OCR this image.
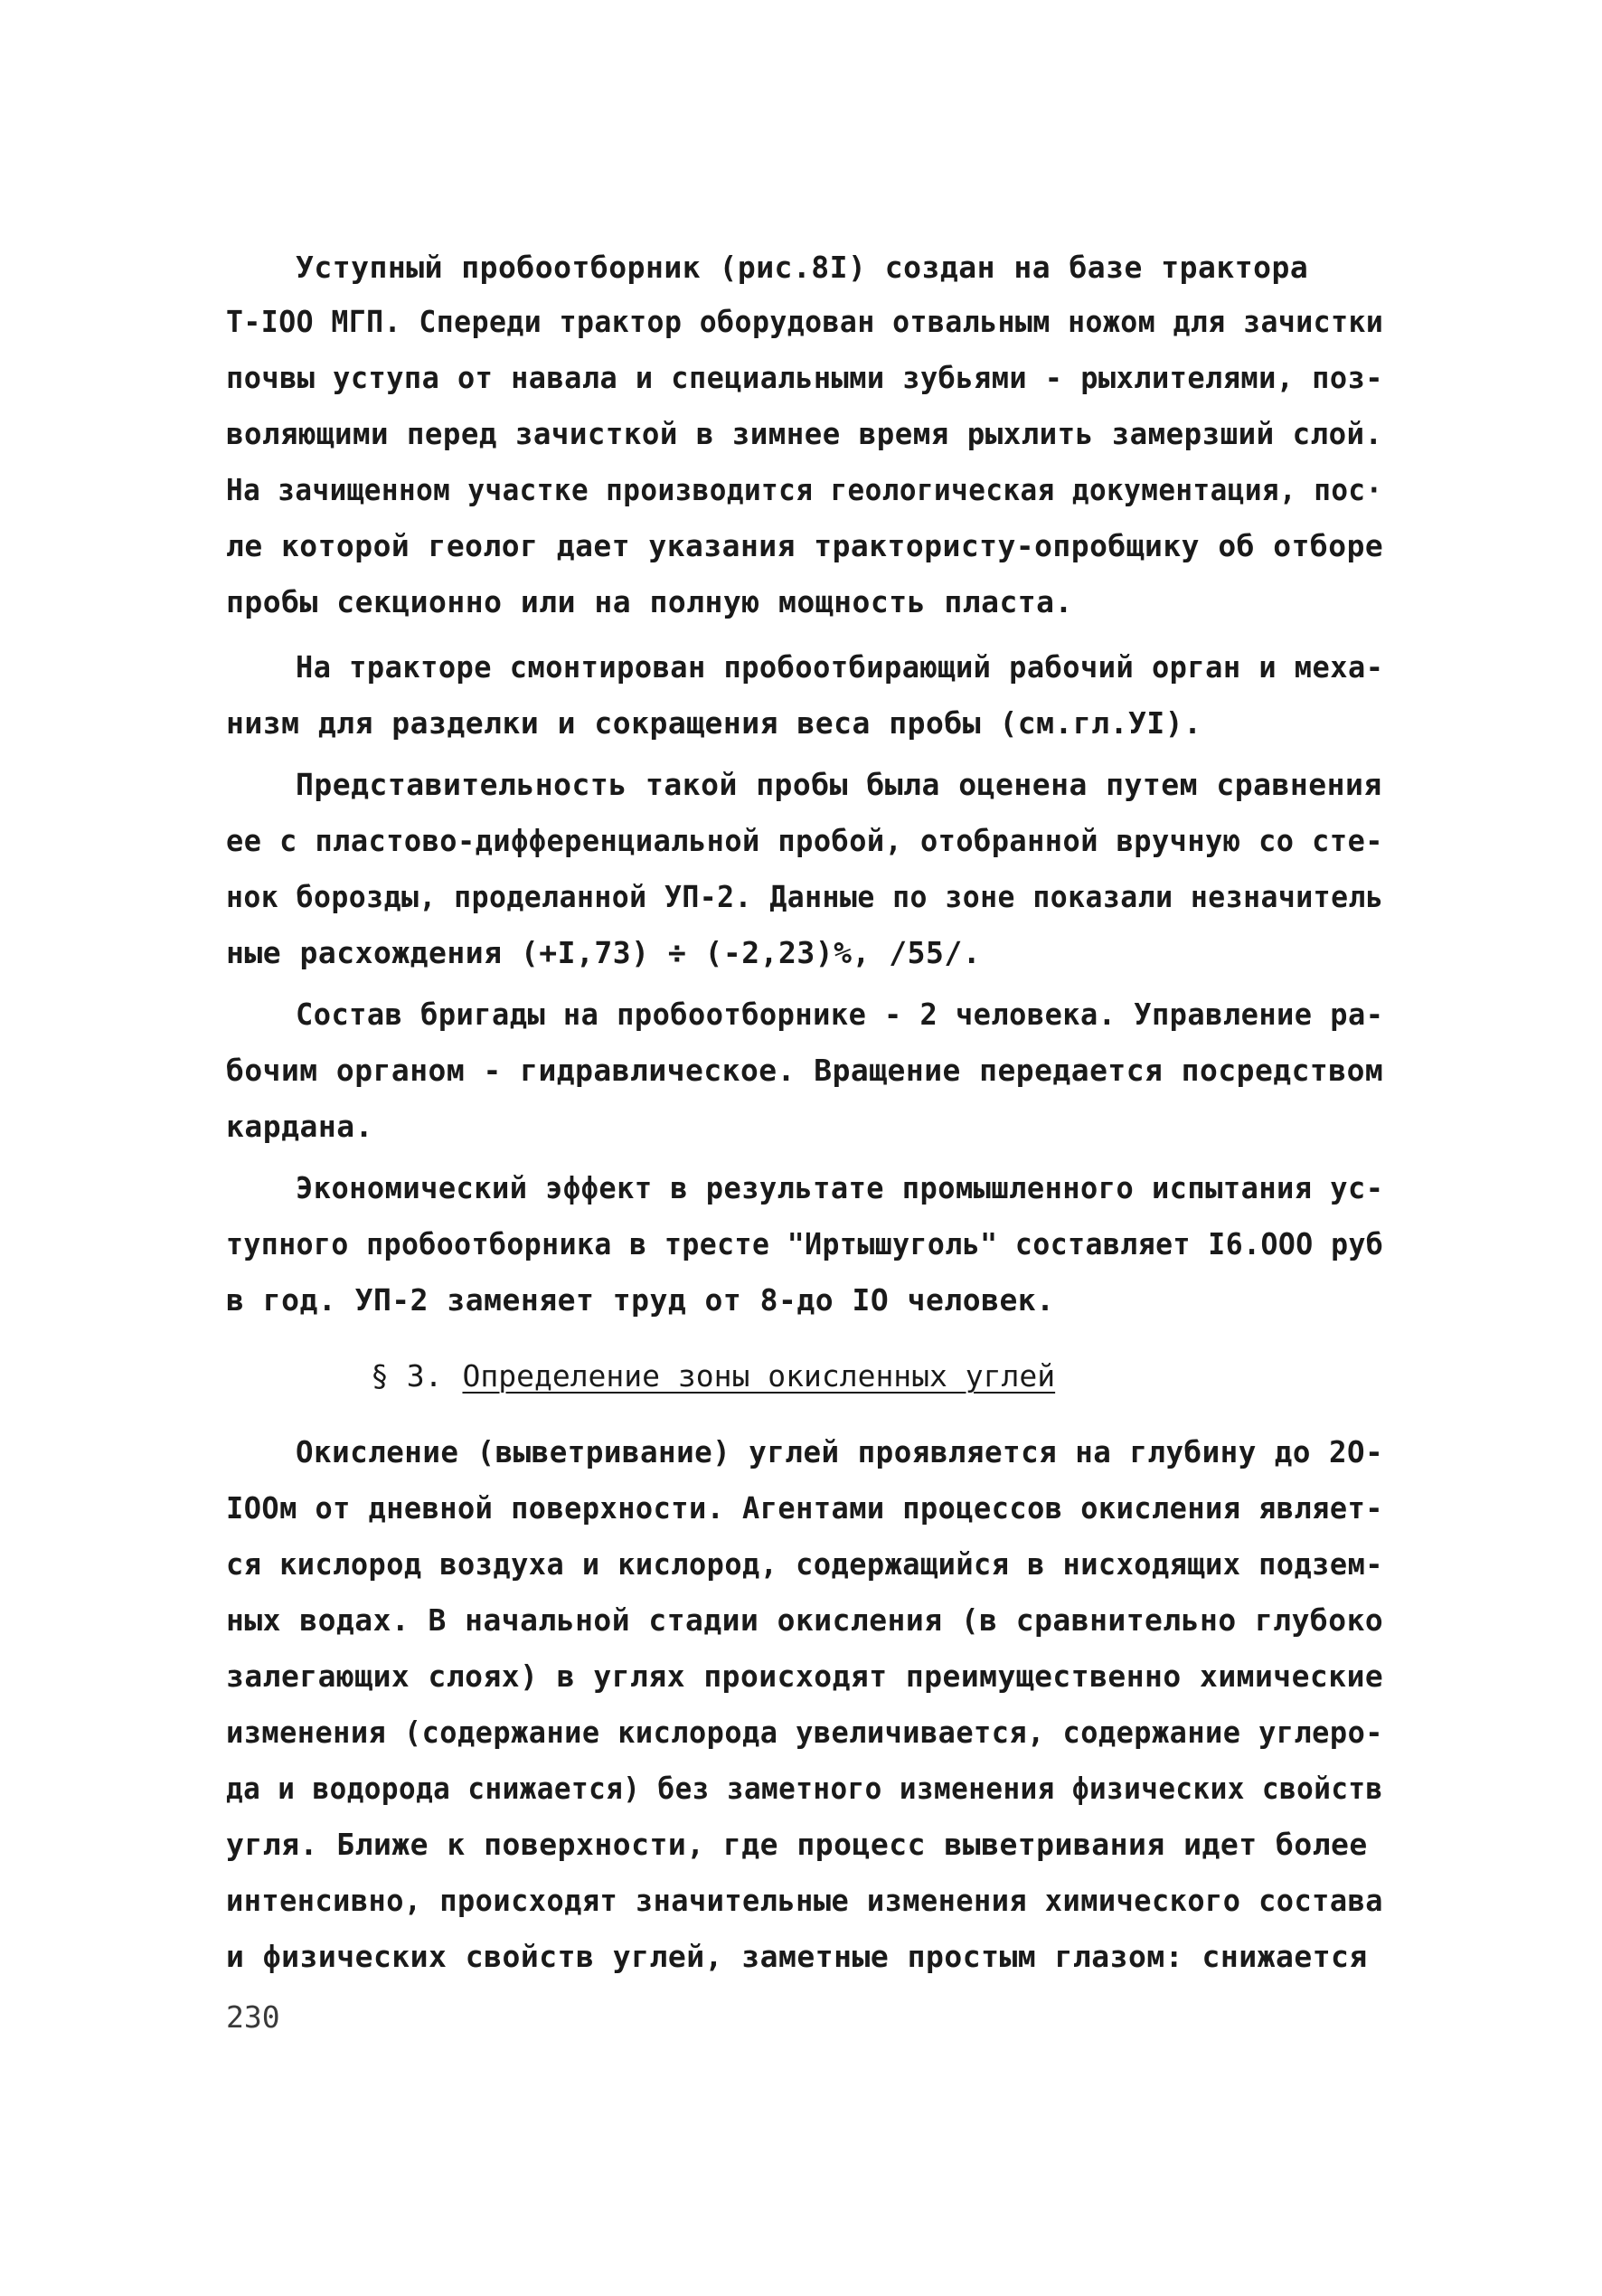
Уступный пробоотборник (рис.8I) создан на базе трактора
Т-IОО МГП. Спереди трактор оборудован отвальным ножом для зачистки
почвы уступа от навала и специальными зубьями - рыхлителями, поз-
воляющими перед зачисткой в зимнее время рыхлить замерзший слой.
На зачищенном участке производится геологическая документация, пос·
ле которой геолог дает указания трактористу-опробщику об отборе
пробы секционно или на полную мощность пласта.
На тракторе смонтирован пробоотбирающий рабочий орган и меха-
низм для разделки и сокращения веса пробы (см.гл.УI).
Представительность такой пробы была оценена путем сравнения
ее с пластово-дифференциальной пробой, отобранной вручную со сте-
нок борозды, проделанной УП-2. Данные по зоне показали незначитель
ные расхождения (+I,73) ÷ (-2,23)%, /55/.
Состав бригады на пробоотборнике - 2 человека. Управление ра-
бочим органом - гидравлическое. Вращение передается посредством
кардана.
Экономический эффект в результате промышленного испытания ус-
тупного пробоотборника в тресте "Иртышуголь" составляет I6.ООО руб
в год. УП-2 заменяет труд от 8-до IО человек.
§ 3. Определение зоны окисленных углей
Окисление (выветривание) углей проявляется на глубину до 2О-
IООм от дневной поверхности. Агентами процессов окисления являет-
ся кислород воздуха и кислород, содержащийся в нисходящих подзем-
ных водах. В начальной стадии окисления (в сравнительно глубоко
залегающих слоях) в углях происходят преимущественно химические
изменения (содержание кислорода увеличивается, содержание углеро-
да и водорода снижается) без заметного изменения физических свойств
угля. Ближе к поверхности, где процесс выветривания идет более
интенсивно, происходят значительные изменения химического состава
и физических свойств углей, заметные простым глазом: снижается
230
